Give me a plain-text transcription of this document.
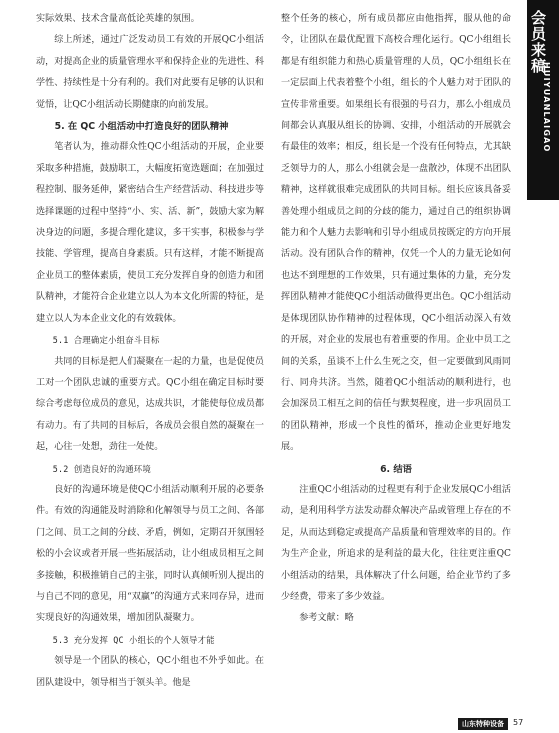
会员来稿
HUIYUANLAIGAO

实际效果、技术含量高低论英雄的氛围。

综上所述，通过广泛发动员工有效的开展QC小组活动，对提高企业的质量管理水平和保持企业的先进性、科学性、持续性是十分有利的。我们对此要有足够的认识和觉悟，让QC小组活动长期健康的向前发展。

5. 在 QC 小组活动中打造良好的团队精神

笔者认为，推动群众性QC小组活动的开展，企业要采取多种措施，鼓励职工，大幅度拓宽选题面；在加强过程控制、服务延伸，紧密结合生产经营活动、科技进步等选择课题的过程中坚持“小、实、活、新”，鼓励大家为解决身边的问题，多提合理化建议，多干实事，积极参与学技能、学管理，提高自身素质。只有这样，才能不断提高企业员工的整体素质，使员工充分发挥自身的创造力和团队精神，才能符合企业建立以人为本文化所需的特征，是建立以人为本企业文化的有效载体。

5.1 合理确定小组奋斗目标

共同的目标是把人们凝聚在一起的力量，也是促使员工对一个团队忠诚的重要方式。QC小组在确定目标时要综合考虑每位成员的意见，达成共识，才能使每位成员都有动力。有了共同的目标后，各成员会很自然的凝聚在一起，心往一处想，劲往一处使。

5.2 创造良好的沟通环境

良好的沟通环境是使QC小组活动顺利开展的必要条件。有效的沟通能及时消除和化解领导与员工之间、各部门之间、员工之间的分歧、矛盾，例如，定期召开氛围轻松的小会议或者开展一些拓展活动，让小组成员相互之间多接触，积极推销自己的主张，同时认真倾听别人提出的与自己不同的意见，用“双赢”的沟通方式来同存异，进而实现良好的沟通效果，增加团队凝聚力。

5.3 充分发挥 QC 小组长的个人领导才能

领导是一个团队的核心，QC小组也不外乎如此。在团队建设中，领导相当于领头羊。他是

整个任务的核心，所有成员都应由他指挥，服从他的命令，让团队在最优配置下高校合理化运行。QC小组组长都是有组织能力和热心质量管理的人员，QC小组组长在一定层面上代表着整个小组，组长的个人魅力对于团队的宣传非常重要。如果组长有很强的号召力，那么小组成员间都会认真服从组长的协调、安排，小组活动的开展就会有最佳的效率；相反，组长是一个没有任何特点，尤其缺乏领导力的人，那么小组就会是一盘散沙，体现不出团队精神，这样就很难完成团队的共同目标。组长应该具备妥善处理小组成员之间的分歧的能力，通过自己的组织协调能力和个人魅力去影响和引导小组成员按既定的方向开展活动。没有团队合作的精神，仅凭一个人的力量无论如何也达不到理想的工作效果，只有通过集体的力量，充分发挥团队精神才能使QC小组活动做得更出色。QC小组活动是体现团队协作精神的过程体现，QC小组活动深入有效的开展，对企业的发展也有着重要的作用。企业中员工之间的关系，虽谈不上什么生死之交，但一定要做到风雨同行、同舟共济。当然，随着QC小组活动的顺利进行，也会加深员工相互之间的信任与默契程度，进一步巩固员工的团队精神，形成一个良性的循环，推动企业更好地发展。

6. 结语

注重QC小组活动的过程更有利于企业发展QC小组活动，是利用科学方法发动群众解决产品或管理上存在的不足，从而达到稳定或提高产品质量和管理效率的目的。作为生产企业，所追求的是利益的最大化，往往更注重QC小组活动的结果，具体解决了什么问题，给企业节约了多少经费，带来了多少效益。

参考文献：略
山东特种设备	57
